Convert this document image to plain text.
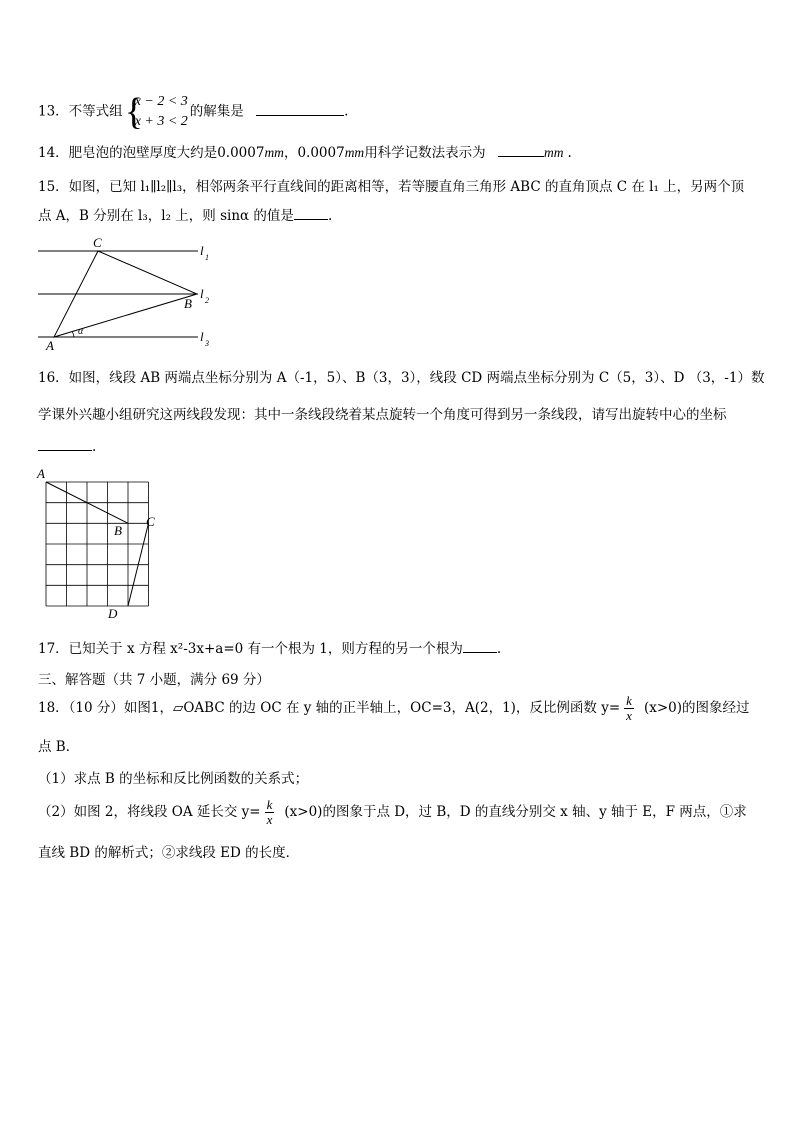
13．不等式组 {
x − 2 < 3
x + 3 < 2
的解集是	.
14．肥皂泡的泡壁厚度大约是0.0007mm，0.0007mm用科学记数法表示为	mm .
15．如图，已知 l₁∥l₂∥l₃，相邻两条平行直线间的距离相等，若等腰直角三角形 ABC 的直角顶点 C 在 l₁ 上，另两个顶
点 A，B 分别在 l₃，l₂ 上，则 sinα 的值是	.
C
B
A
α
l 1
l 2
l 3
16．如图，线段 AB 两端点坐标分别为 A（-1，5）、B（3，3），线段 CD 两端点坐标分别为 C（5，3）、D （3，-1）数
学课外兴趣小组研究这两线段发现：其中一条线段绕着某点旋转一个角度可得到另一条线段，请写出旋转中心的坐标
.
A
B
C
D
17．已知关于 x 方程 x²-3x+a=0 有一个根为 1，则方程的另一个根为	.
三、解答题（共 7 小题，满分 69 分）
18．（10 分）如图1，▱OABC 的边 OC 在 y 轴的正半轴上，OC=3，A(2，1)，反比例函数 $y= \frac{k}{x} (x>0)$的图象经过
点 B．
（1）求点 B 的坐标和反比例函数的关系式；
（2）如图 2，将线段 OA 延长交 $y= \frac{k}{x} (x>0)$的图象于点 D，过 B，D 的直线分别交 x 轴、y 轴于 E，F 两点，①求
直线 BD 的解析式；②求线段 ED 的长度．
